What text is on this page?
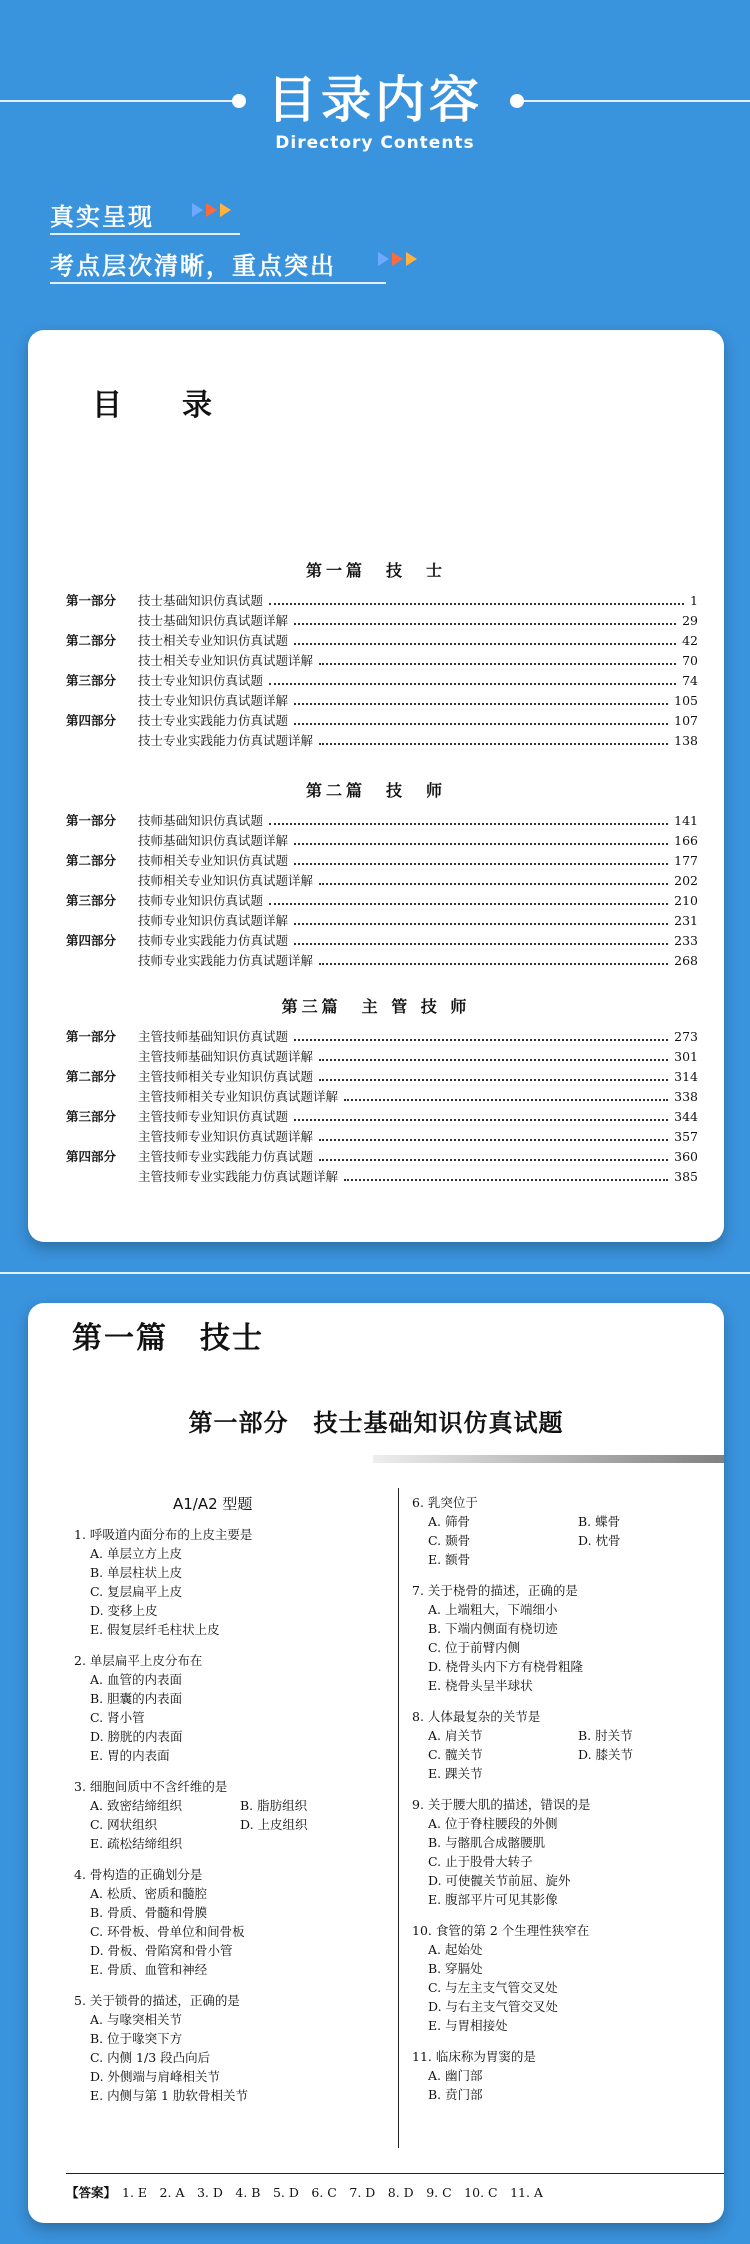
目录内容
Directory Contents
真实呈现
考点层次清晰，重点突出
目录
第一篇　技　士
第一部分	技士基础知识仿真试题	1
技士基础知识仿真试题详解	29
第二部分	技士相关专业知识仿真试题	42
技士相关专业知识仿真试题详解	70
第三部分	技士专业知识仿真试题	74
技士专业知识仿真试题详解	105
第四部分	技士专业实践能力仿真试题	107
技士专业实践能力仿真试题详解	138
第二篇　技　师
第一部分	技师基础知识仿真试题	141
技师基础知识仿真试题详解	166
第二部分	技师相关专业知识仿真试题	177
技师相关专业知识仿真试题详解	202
第三部分	技师专业知识仿真试题	210
技师专业知识仿真试题详解	231
第四部分	技师专业实践能力仿真试题	233
技师专业实践能力仿真试题详解	268
第三篇　主 管 技 师
第一部分	主管技师基础知识仿真试题	273
主管技师基础知识仿真试题详解	301
第二部分	主管技师相关专业知识仿真试题	314
主管技师相关专业知识仿真试题详解	338
第三部分	主管技师专业知识仿真试题	344
主管技师专业知识仿真试题详解	357
第四部分	主管技师专业实践能力仿真试题	360
主管技师专业实践能力仿真试题详解	385
第一篇　技士
第一部分　技士基础知识仿真试题
A1/A2 型题
1. 呼吸道内面分布的上皮主要是
A. 单层立方上皮
B. 单层柱状上皮
C. 复层扁平上皮
D. 变移上皮
E. 假复层纤毛柱状上皮
2. 单层扁平上皮分布在
A. 血管的内表面
B. 胆囊的内表面
C. 肾小管
D. 膀胱的内表面
E. 胃的内表面
3. 细胞间质中不含纤维的是
A. 致密结缔组织	B. 脂肪组织
C. 网状组织	D. 上皮组织
E. 疏松结缔组织
4. 骨构造的正确划分是
A. 松质、密质和髓腔
B. 骨质、骨髓和骨膜
C. 环骨板、骨单位和间骨板
D. 骨板、骨陷窝和骨小管
E. 骨质、血管和神经
5. 关于锁骨的描述，正确的是
A. 与喙突相关节
B. 位于喙突下方
C. 内侧 1/3 段凸向后
D. 外侧端与肩峰相关节
E. 内侧与第 1 肋软骨相关节
6. 乳突位于
A. 筛骨	B. 蝶骨
C. 颞骨	D. 枕骨
E. 额骨
7. 关于桡骨的描述，正确的是
A. 上端粗大，下端细小
B. 下端内侧面有桡切迹
C. 位于前臂内侧
D. 桡骨头内下方有桡骨粗隆
E. 桡骨头呈半球状
8. 人体最复杂的关节是
A. 肩关节	B. 肘关节
C. 髋关节	D. 膝关节
E. 踝关节
9. 关于腰大肌的描述，错误的是
A. 位于脊柱腰段的外侧
B. 与髂肌合成髂腰肌
C. 止于股骨大转子
D. 可使髋关节前屈、旋外
E. 腹部平片可见其影像
10. 食管的第 2 个生理性狭窄在
A. 起始处
B. 穿膈处
C. 与左主支气管交叉处
D. 与右主支气管交叉处
E. 与胃相接处
11. 临床称为胃窦的是
A. 幽门部
B. 贲门部
【答案】 1. E　2. A　3. D　4. B　5. D　6. C　7. D　8. D　9. C　10. C　11. A
